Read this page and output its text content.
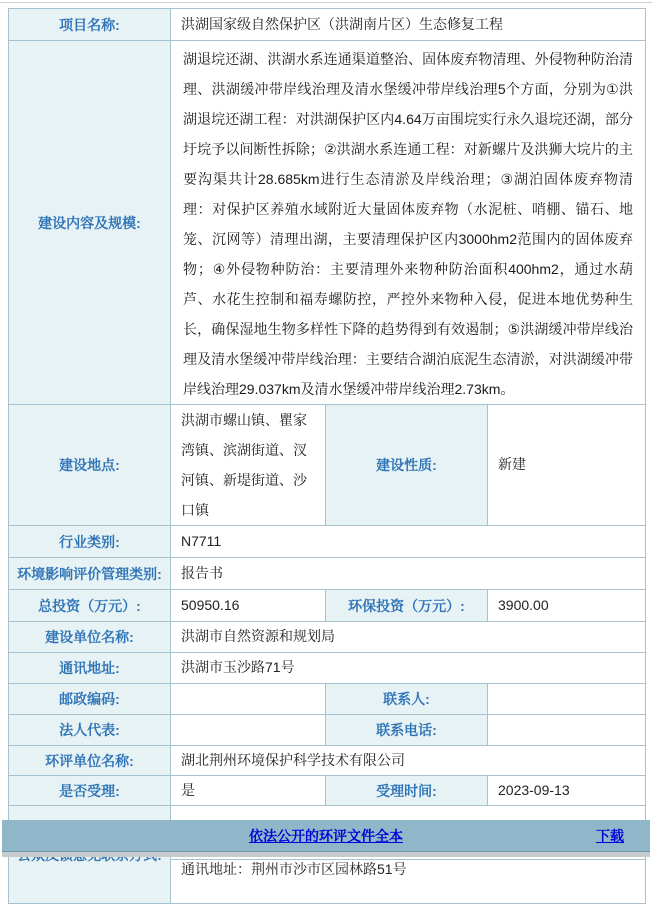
项目名称:	洪湖国家级自然保护区（洪湖南片区）生态修复工程		
建设内容及规模:	湖退垸还湖、洪湖水系连通渠道整治、固体废弃物清理、外侵物种防治清理、洪湖缓冲带岸线治理及清水堡缓冲带岸线治理5个方面，分别为①洪湖退垸还湖工程：对洪湖保护区内4.64万亩围垸实行永久退垸还湖，部分圩垸予以间断性拆除；②洪湖水系连通工程：对新螺片及洪狮大垸片的主要沟渠共计28.685km进行生态清淤及岸线治理；③湖泊固体废弃物清理：对保护区养殖水域附近大量固体废弃物（水泥桩、哨棚、锚石、地笼、沉网等）清理出湖，主要清理保护区内3000hm2范围内的固体废弃物；④外侵物种防治：主要清理外来物种防治面积400hm2，通过水葫芦、水花生控制和福寿螺防控，严控外来物种入侵，促进本地优势种生长，确保湿地生物多样性下降的趋势得到有效遏制；⑤洪湖缓冲带岸线治理及清水堡缓冲带岸线治理：主要结合湖泊底泥生态清淤，对洪湖缓冲带岸线治理29.037km及清水堡缓冲带岸线治理2.73km。		
建设地点:	洪湖市螺山镇、瞿家湾镇、滨湖街道、汊河镇、新堤街道、沙口镇	建设性质:	新建
行业类别:	N7711		
环境影响评价管理类别:	报告书		
总投资（万元）:	50950.16	环保投资（万元）:	3900.00
建设单位名称:	洪湖市自然资源和规划局		
通讯地址:	洪湖市玉沙路71号		
邮政编码:		联系人:	
法人代表:		联系电话:	
环评单位名称:	湖北荆州环境保护科学技术有限公司		
是否受理:	是	受理时间:	2023-09-13

通讯地址：荆州市沙市区园林路51号		
依法公开的环评文件全本	下载
